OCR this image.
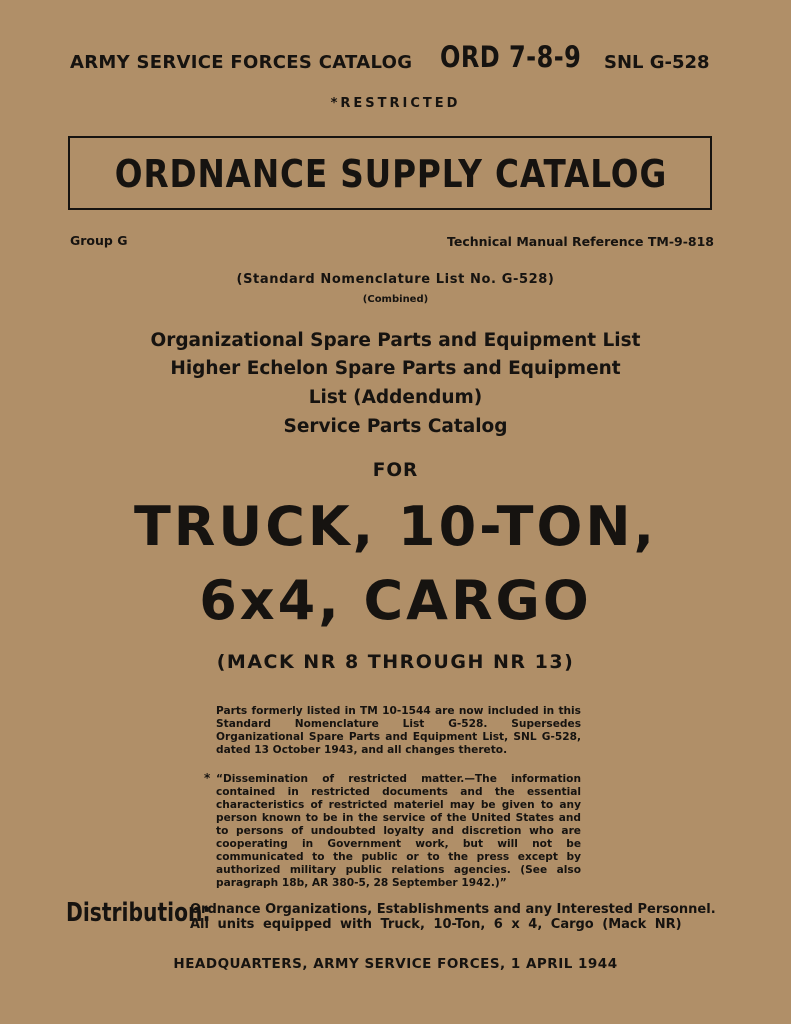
ARMY SERVICE FORCES CATALOG ORD 7-8-9 SNL G-528
*RESTRICTED
ORDNANCE SUPPLY CATALOG
Group G	Technical Manual Reference TM-9-818
(Standard Nomenclature List No. G-528)
(Combined)
Organizational Spare Parts and Equipment List
Higher Echelon Spare Parts and Equipment
List (Addendum)
Service Parts Catalog
FOR
TRUCK, 10-TON,
6x4, CARGO
(MACK NR 8 THROUGH NR 13)
Parts formerly listed in TM 10-1544 are now included in this Standard Nomenclature List G-528. Supersedes Organizational Spare Parts and Equipment List, SNL G-528, dated 13 October 1943, and all changes thereto.
* “Dissemination of restricted matter.—The information contained in restricted documents and the essential characteristics of restricted materiel may be given to any person known to be in the service of the United States and to persons of undoubted loyalty and discretion who are cooperating in Government work, but will not be communicated to the public or to the press except by authorized military public relations agencies. (See also paragraph 18b, AR 380-5, 28 September 1942.)”
Distribution:
Ordnance Organizations, Establishments and any Interested Personnel.
All units equipped with Truck, 10-Ton, 6 x 4, Cargo (Mack NR)
HEADQUARTERS, ARMY SERVICE FORCES, 1 APRIL 1944
